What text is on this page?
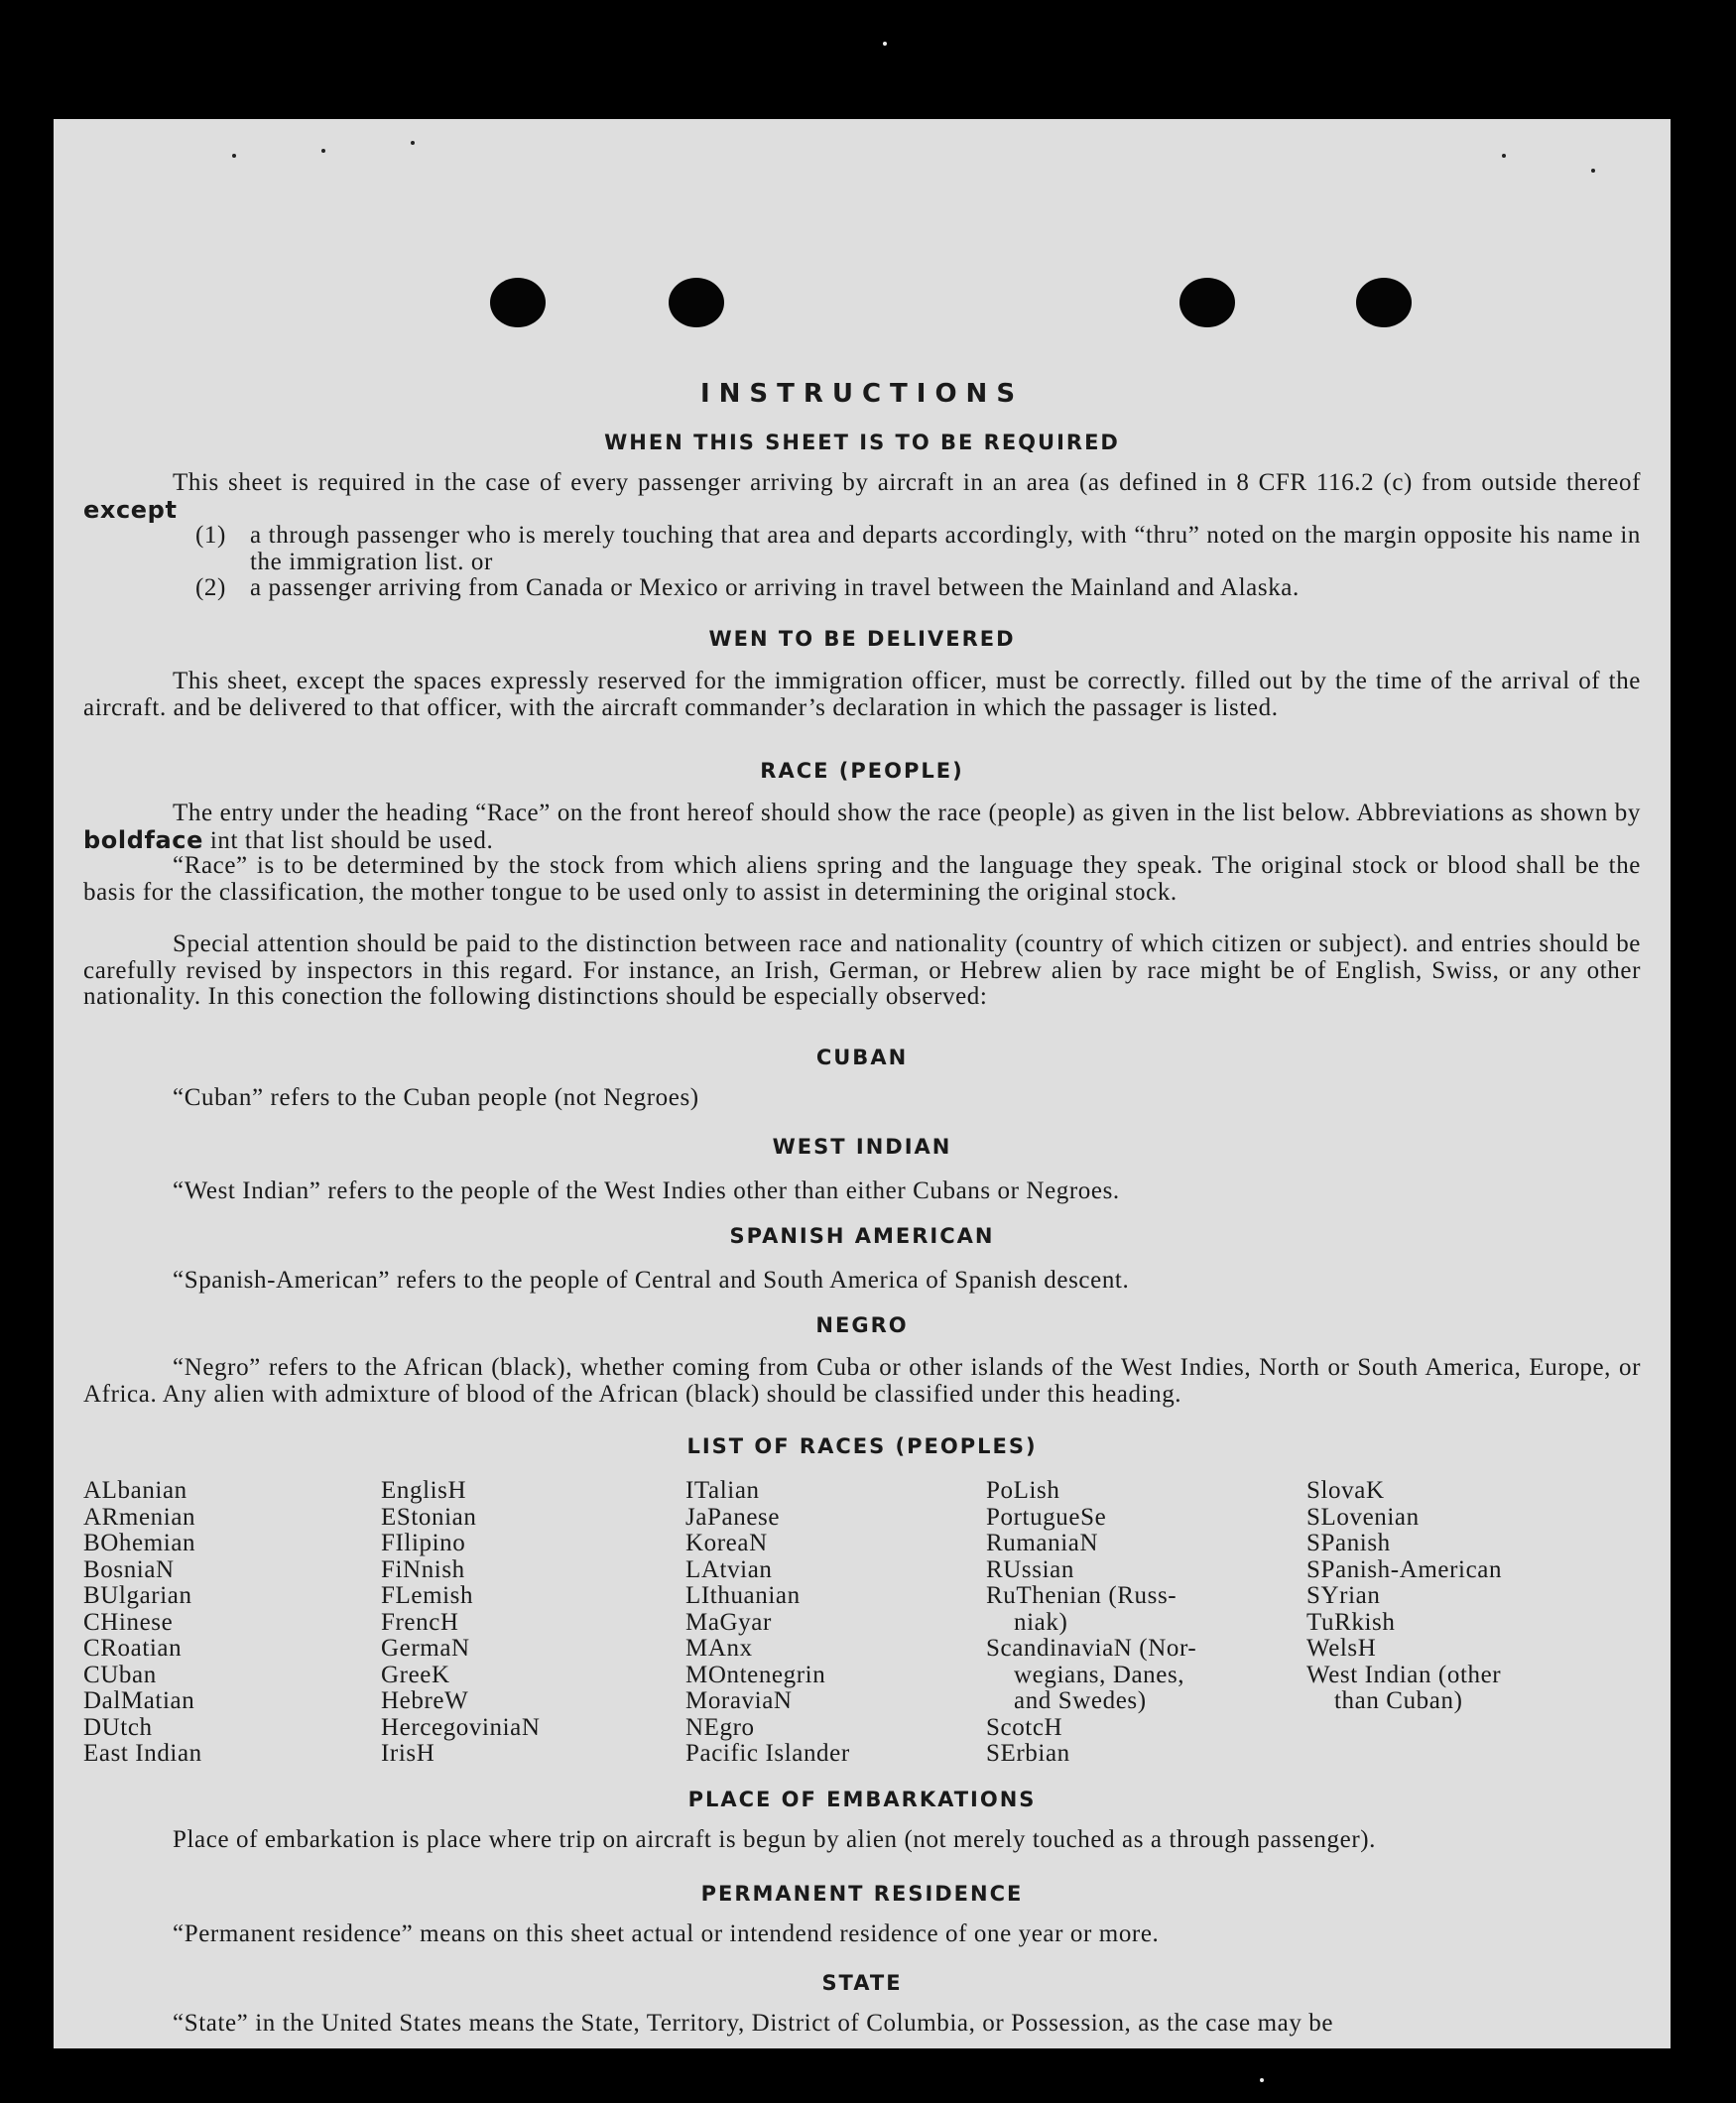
INSTRUCTIONS
WHEN THIS SHEET IS TO BE REQUIRED
This sheet is required in the case of every passenger arriving by aircraft in an area (as defined in 8 CFR 116.2 (c) from outside thereof except
(1) a through passenger who is merely touching that area and departs accordingly, with “thru” noted on the margin opposite his name in the immigration list. or
(2) a passenger arriving from Canada or Mexico or arriving in travel between the Mainland and Alaska.
WEN TO BE DELIVERED
This sheet, except the spaces expressly reserved for the immigration officer, must be correctly. filled out by the time of the arrival of the aircraft. and be delivered to that officer, with the aircraft commander’s declaration in which the passager is listed.
RACE (PEOPLE)
The entry under the heading “Race” on the front hereof should show the race (people) as given in the list below. Abbreviations as shown by boldface int that list should be used.
“Race” is to be determined by the stock from which aliens spring and the language they speak. The original stock or blood shall be the basis for the classification, the mother tongue to be used only to assist in determining the original stock.
Special attention should be paid to the distinction between race and nationality (country of which citizen or subject). and entries should be carefully revised by inspectors in this regard. For instance, an Irish, German, or Hebrew alien by race might be of English, Swiss, or any other nationality. In this conection the following distinctions should be especially observed:
CUBAN
“Cuban” refers to the Cuban people (not Negroes)
WEST INDIAN
“West Indian” refers to the people of the West Indies other than either Cubans or Negroes.
SPANISH AMERICAN
“Spanish-American” refers to the people of Central and South America of Spanish descent.
NEGRO
“Negro” refers to the African (black), whether coming from Cuba or other islands of the West Indies, North or South America, Europe, or Africa. Any alien with admixture of blood of the African (black) should be classified under this heading.
LIST OF RACES (PEOPLES)
ALbanian
ARmenian
BOhemian
BosniaN
BUlgarian
CHinese
CRoatian
CUban
DalMatian
DUtch
East Indian
EnglisH
EStonian
FIlipino
FiNnish
FLemish
FrencH
GermaN
GreeK
HebreW
HercegoviniaN
IrisH
ITalian
JaPanese
KoreaN
LAtvian
LIthuanian
MaGyar
MAnx
MOntenegrin
MoraviaN
NEgro
Pacific Islander
PoLish
PortugueSe
RumaniaN
RUssian
RuThenian (Russ-
niak)
ScandinaviaN (Nor-
wegians, Danes,
and Swedes)
ScotcH
SErbian
SlovaK
SLovenian
SPanish
SPanish-American
SYrian
TuRkish
WelsH
West Indian (other
than Cuban)
PLACE OF EMBARKATIONS
Place of embarkation is place where trip on aircraft is begun by alien (not merely touched as a through passenger).
PERMANENT RESIDENCE
“Permanent residence” means on this sheet actual or intendend residence of one year or more.
STATE
“State” in the United States means the State, Territory, District of Columbia, or Possession, as the case may be
